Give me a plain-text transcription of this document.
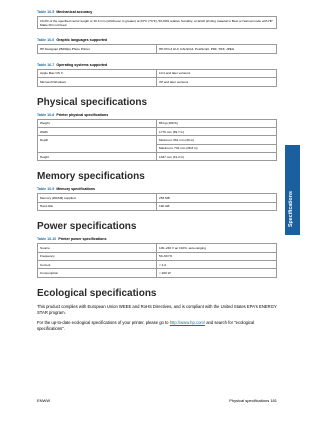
Table 16-5 Mechanical accuracy
±0.2% of the specified vector length or ±0.3 mm (whichever is greater) at 23°C (73°F), 50-60% relative humidity, on E/A0 printing material in Best or Normal mode with HP Matte Film roll feed.
Table 16-6 Graphic languages supported
HP Designjet Z5200ps Photo Printer	HP-PCL3 GUI, CALS/G4, PostScript, PDF, TIFF, JPEG
Table 16-7 Operating systems supported
Apple Mac OS X	10.4 and later versions
Microsoft Windows	XP and later versions
Physical specifications
Table 16-8 Printer physical specifications
Weight	86 kg (189 lb)
Width	1770 mm (69.7 in)
Depth	Minimum: 661 mm (26 in)
	Maximum: 732 mm (28.8 in)
Height	1047 mm (41.2 in)
Memory specifications
Table 16-9 Memory specifications
Memory (DRAM) supplied	256 MB
Hard disk	160 GB
Power specifications
Table 16-10 Printer power specifications
Source	100–240 V ac ±10%, auto-ranging
Frequency	50–60 Hz
Current	< 2 A
Consumption	< 200 W
Ecological specifications

This product complies with European Union WEEE and RoHS Directives, and is compliant with the United States EPA's ENERGY STAR program.

For the up-to-date ecological specifications of your printer, please go to http://www.hp.com/ and search for "ecological specifications".

Specifications
ENWW	Physical specifications 181
